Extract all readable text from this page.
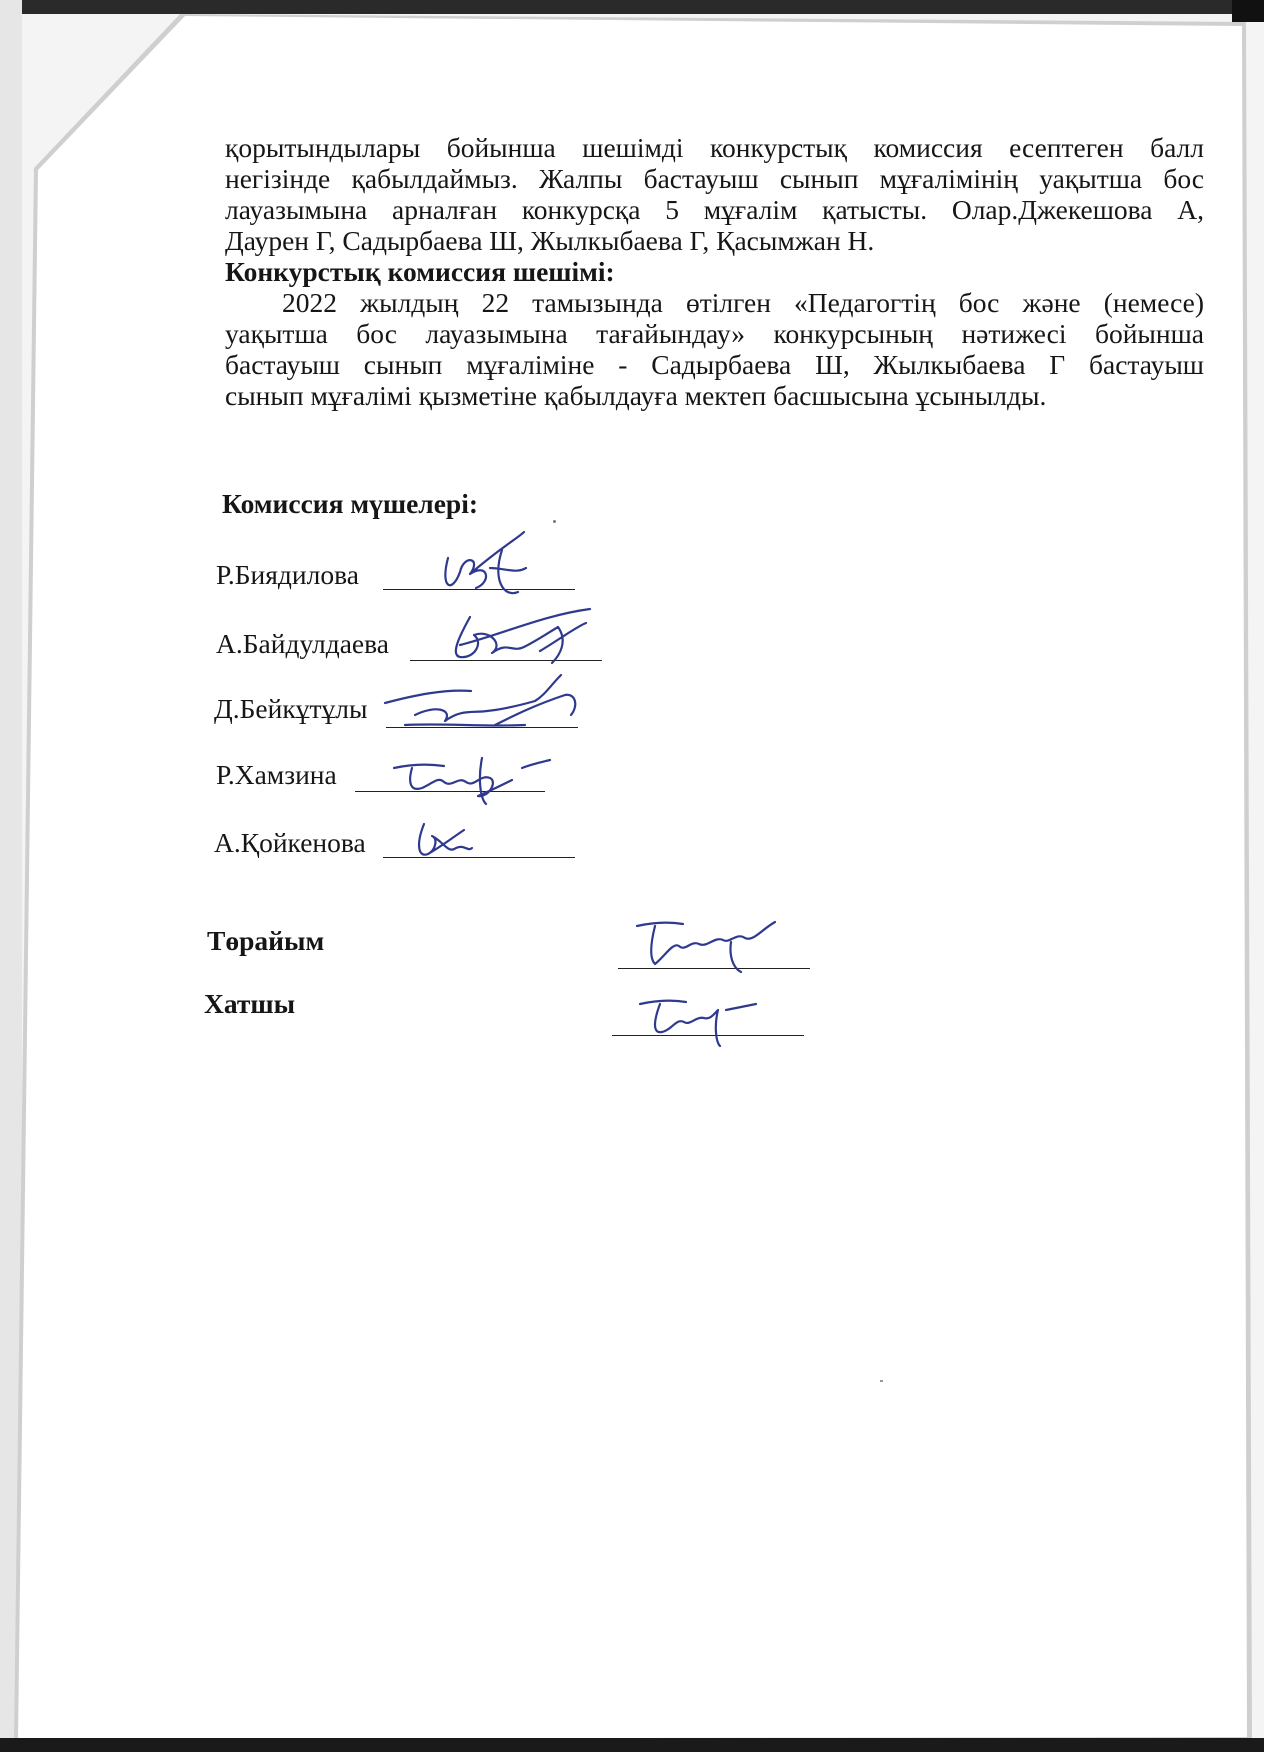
қорытындылары бойынша шешімді конкурстық комиссия есептеген балл
негізінде қабылдаймыз. Жалпы бастауыш сынып мұғалімінің уақытша бос
лауазымына арналған конкурсқа 5 мұғалім қатысты. Олар.Джекешова А,
Даурен Г, Садырбаева Ш, Жылкыбаева Г, Қасымжан Н.
Конкурстық комиссия шешімі:
2022 жылдың 22 тамызында өтілген «Педагогтің бос және (немесе)
уақытша бос лауазымына тағайындау» конкурсының нәтижесі бойынша
бастауыш сынып мұғаліміне - Садырбаева Ш, Жылкыбаева Г бастауыш
сынып мұғалімі қызметіне қабылдауға мектеп басшысына ұсынылды.
Комиссия мүшелері:
Р.Биядилова
А.Байдулдаева
Д.Бейкұтұлы
Р.Хамзина
А.Қойкенова
Төрайым
Хатшы
